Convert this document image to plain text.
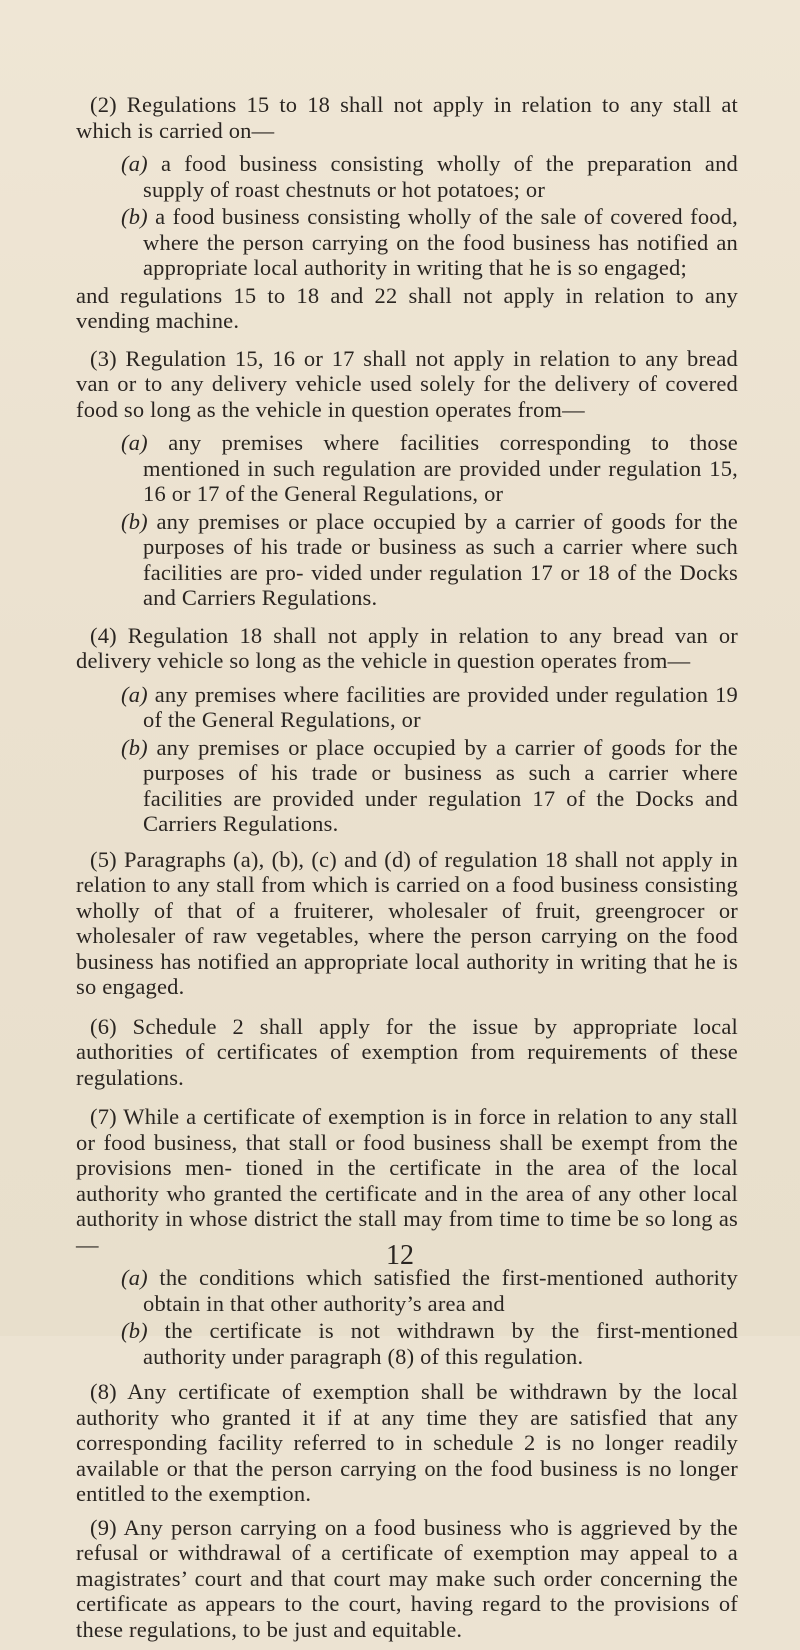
(2) Regulations 15 to 18 shall not apply in relation to any stall at which is carried on—

(a) a food business consisting wholly of the preparation and supply of roast chestnuts or hot potatoes; or

(b) a food business consisting wholly of the sale of covered food, where the person carrying on the food business has notified an appropriate local authority in writing that he is so engaged;

and regulations 15 to 18 and 22 shall not apply in relation to any vending machine.

(3) Regulation 15, 16 or 17 shall not apply in relation to any bread van or to any delivery vehicle used solely for the delivery of covered food so long as the vehicle in question operates from—

(a) any premises where facilities corresponding to those mentioned in such regulation are provided under regulation 15, 16 or 17 of the General Regulations, or

(b) any premises or place occupied by a carrier of goods for the purposes of his trade or business as such a carrier where such facilities are pro- vided under regulation 17 or 18 of the Docks and Carriers Regulations.

(4) Regulation 18 shall not apply in relation to any bread van or delivery vehicle so long as the vehicle in question operates from—

(a) any premises where facilities are provided under regulation 19 of the General Regulations, or

(b) any premises or place occupied by a carrier of goods for the purposes of his trade or business as such a carrier where facilities are provided under regulation 17 of the Docks and Carriers Regulations.

(5) Paragraphs (a), (b), (c) and (d) of regulation 18 shall not apply in relation to any stall from which is carried on a food business consisting wholly of that of a fruiterer, wholesaler of fruit, greengrocer or wholesaler of raw vegetables, where the person carrying on the food business has notified an appropriate local authority in writing that he is so engaged.

(6) Schedule 2 shall apply for the issue by appropriate local authorities of certificates of exemption from requirements of these regulations.

(7) While a certificate of exemption is in force in relation to any stall or food business, that stall or food business shall be exempt from the provisions men- tioned in the certificate in the area of the local authority who granted the certificate and in the area of any other local authority in whose district the stall may from time to time be so long as—

(a) the conditions which satisfied the first-mentioned authority obtain in that other authority’s area and

(b) the certificate is not withdrawn by the first-mentioned authority under paragraph (8) of this regulation.

(8) Any certificate of exemption shall be withdrawn by the local authority who granted it if at any time they are satisfied that any corresponding facility referred to in schedule 2 is no longer readily available or that the person carrying on the food business is no longer entitled to the exemption.

(9) Any person carrying on a food business who is aggrieved by the refusal or withdrawal of a certificate of exemption may appeal to a magistrates’ court and that court may make such order concerning the certificate as appears to the court, having regard to the provisions of these regulations, to be just and equitable.

12
